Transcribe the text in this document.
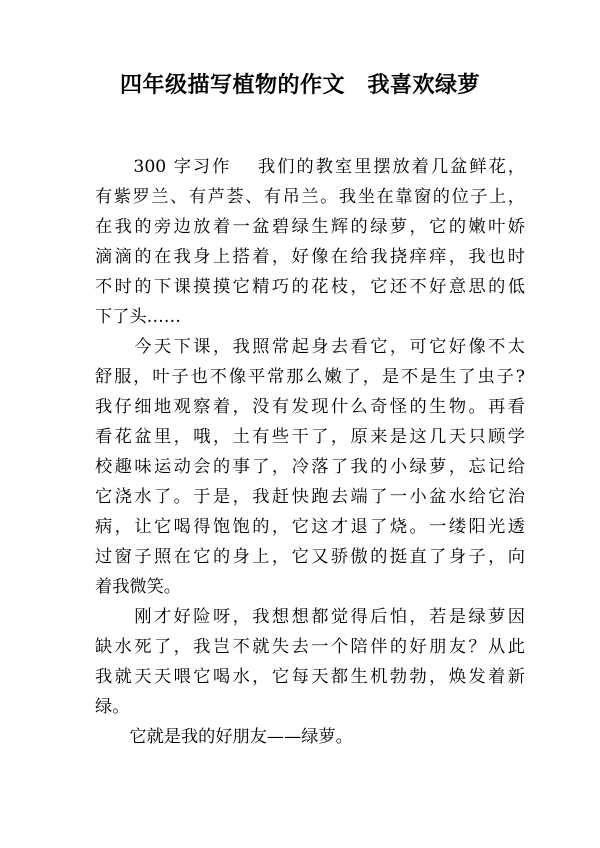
四年级描写植物的作文　我喜欢绿萝
　　300 字习作　 我们的教室里摆放着几盆鲜花，
有紫罗兰、有芦荟、有吊兰。我坐在靠窗的位子上，
在我的旁边放着一盆碧绿生辉的绿萝，它的嫩叶娇
滴滴的在我身上搭着，好像在给我挠痒痒，我也时
不时的下课摸摸它精巧的花枝，它还不好意思的低
下了头……
　　今天下课，我照常起身去看它，可它好像不太
舒服，叶子也不像平常那么嫩了，是不是生了虫子?
我仔细地观察着，没有发现什么奇怪的生物。再看
看花盆里，哦，土有些干了，原来是这几天只顾学
校趣味运动会的事了，冷落了我的小绿萝，忘记给
它浇水了。于是，我赶快跑去端了一小盆水给它治
病，让它喝得饱饱的，它这才退了烧。一缕阳光透
过窗子照在它的身上，它又骄傲的挺直了身子，向
着我微笑。
　　刚才好险呀，我想想都觉得后怕，若是绿萝因
缺水死了，我岂不就失去一个陪伴的好朋友？从此
我就天天喂它喝水，它每天都生机勃勃，焕发着新
绿。
　　它就是我的好朋友——绿萝。
